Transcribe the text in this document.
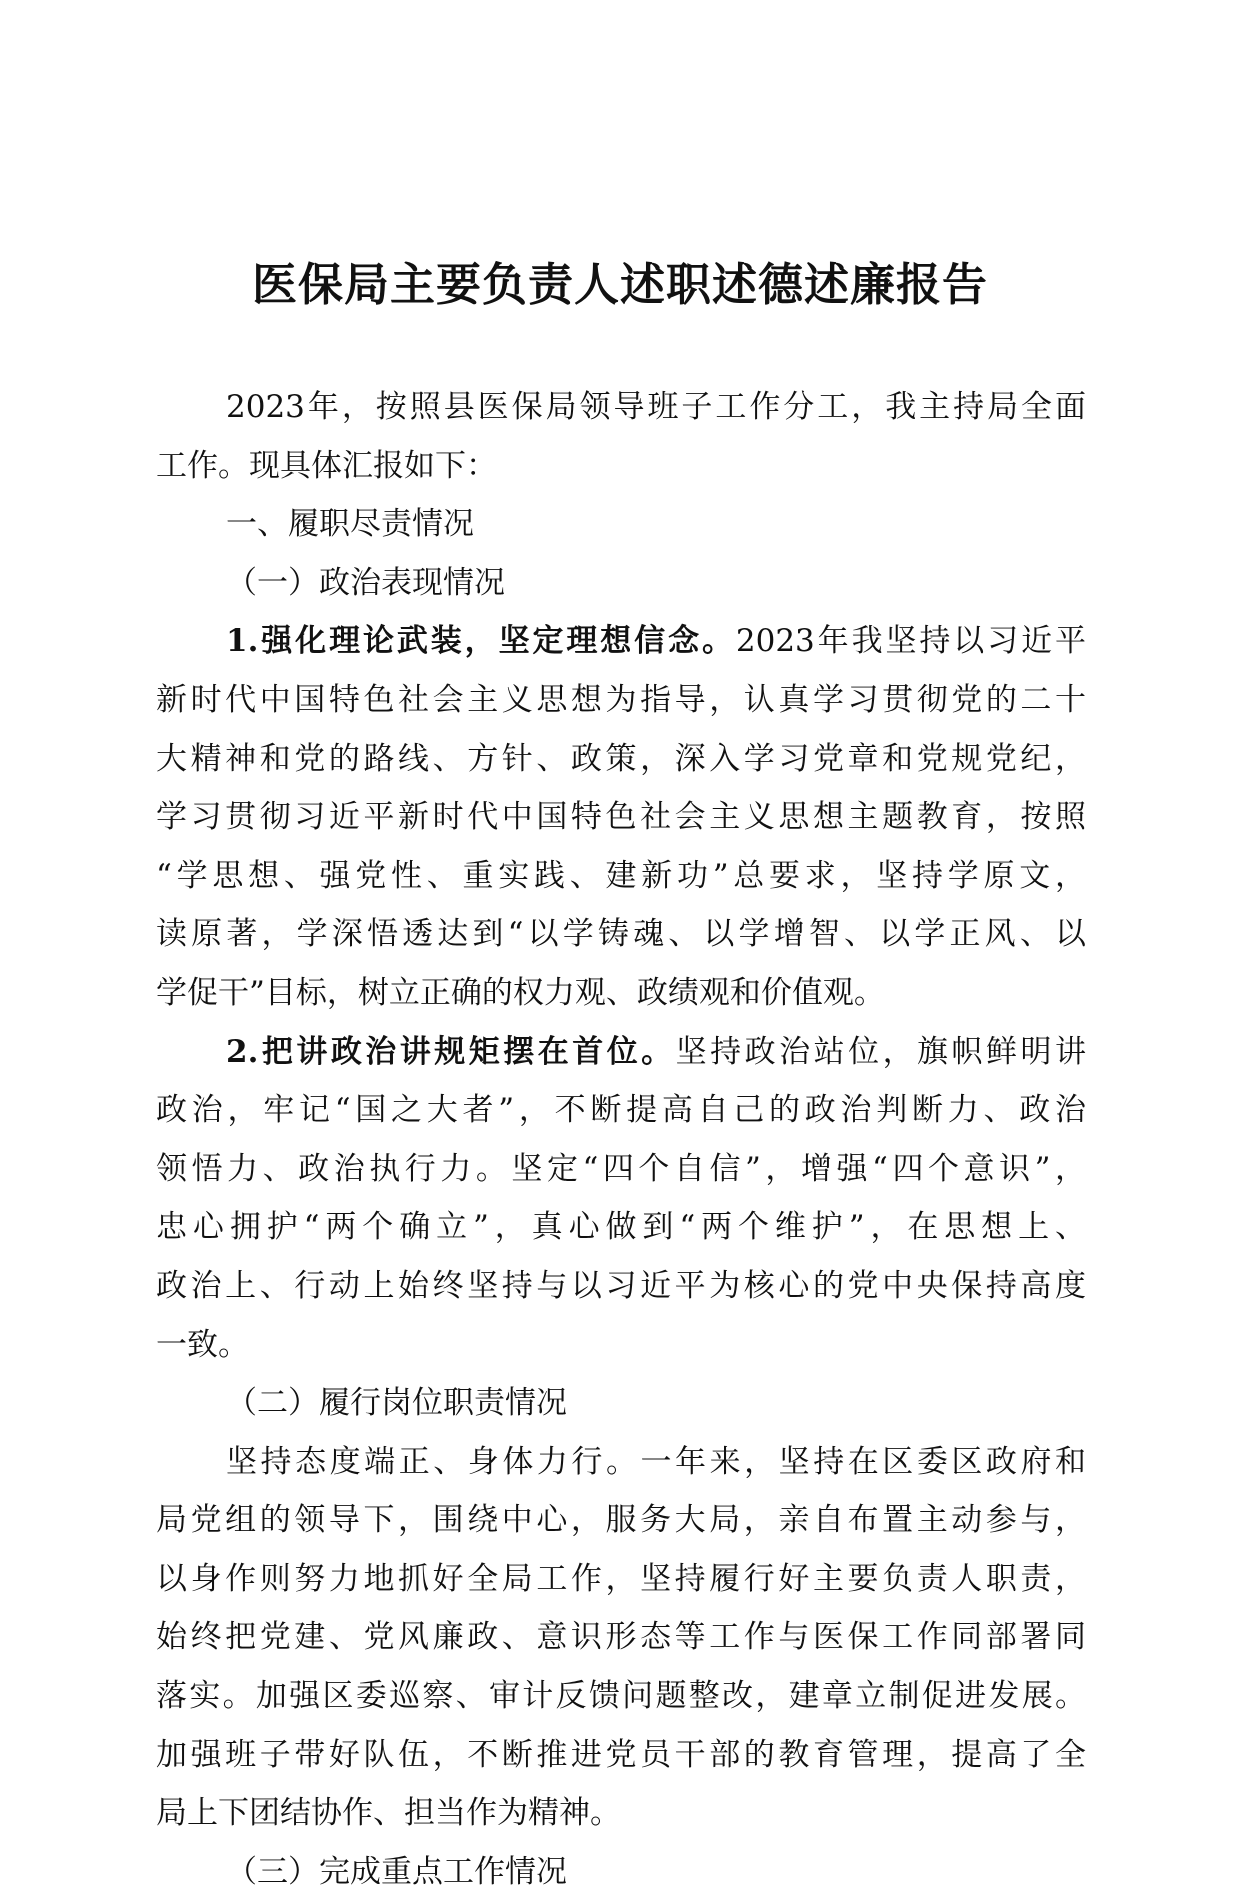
医保局主要负责人述职述德述廉报告
2023年，按照县医保局领导班子工作分工，我主持局全面
工作。现具体汇报如下：
一、履职尽责情况
（一）政治表现情况
1.强化理论武装，坚定理想信念。2023年我坚持以习近平
新时代中国特色社会主义思想为指导，认真学习贯彻党的二十
大精神和党的路线、方针、政策，深入学习党章和党规党纪，
学习贯彻习近平新时代中国特色社会主义思想主题教育，按照
“学思想、强党性、重实践、建新功”总要求，坚持学原文，
读原著，学深悟透达到“以学铸魂、以学增智、以学正风、以
学促干”目标，树立正确的权力观、政绩观和价值观。
2.把讲政治讲规矩摆在首位。坚持政治站位，旗帜鲜明讲
政治，牢记“国之大者”，不断提高自己的政治判断力、政治
领悟力、政治执行力。坚定“四个自信”，增强“四个意识”，
忠心拥护“两个确立”，真心做到“两个维护”，在思想上、
政治上、行动上始终坚持与以习近平为核心的党中央保持高度
一致。
（二）履行岗位职责情况
坚持态度端正、身体力行。一年来，坚持在区委区政府和
局党组的领导下，围绕中心，服务大局，亲自布置主动参与，
以身作则努力地抓好全局工作，坚持履行好主要负责人职责，
始终把党建、党风廉政、意识形态等工作与医保工作同部署同
落实。加强区委巡察、审计反馈问题整改，建章立制促进发展。
加强班子带好队伍，不断推进党员干部的教育管理，提高了全
局上下团结协作、担当作为精神。
（三）完成重点工作情况
